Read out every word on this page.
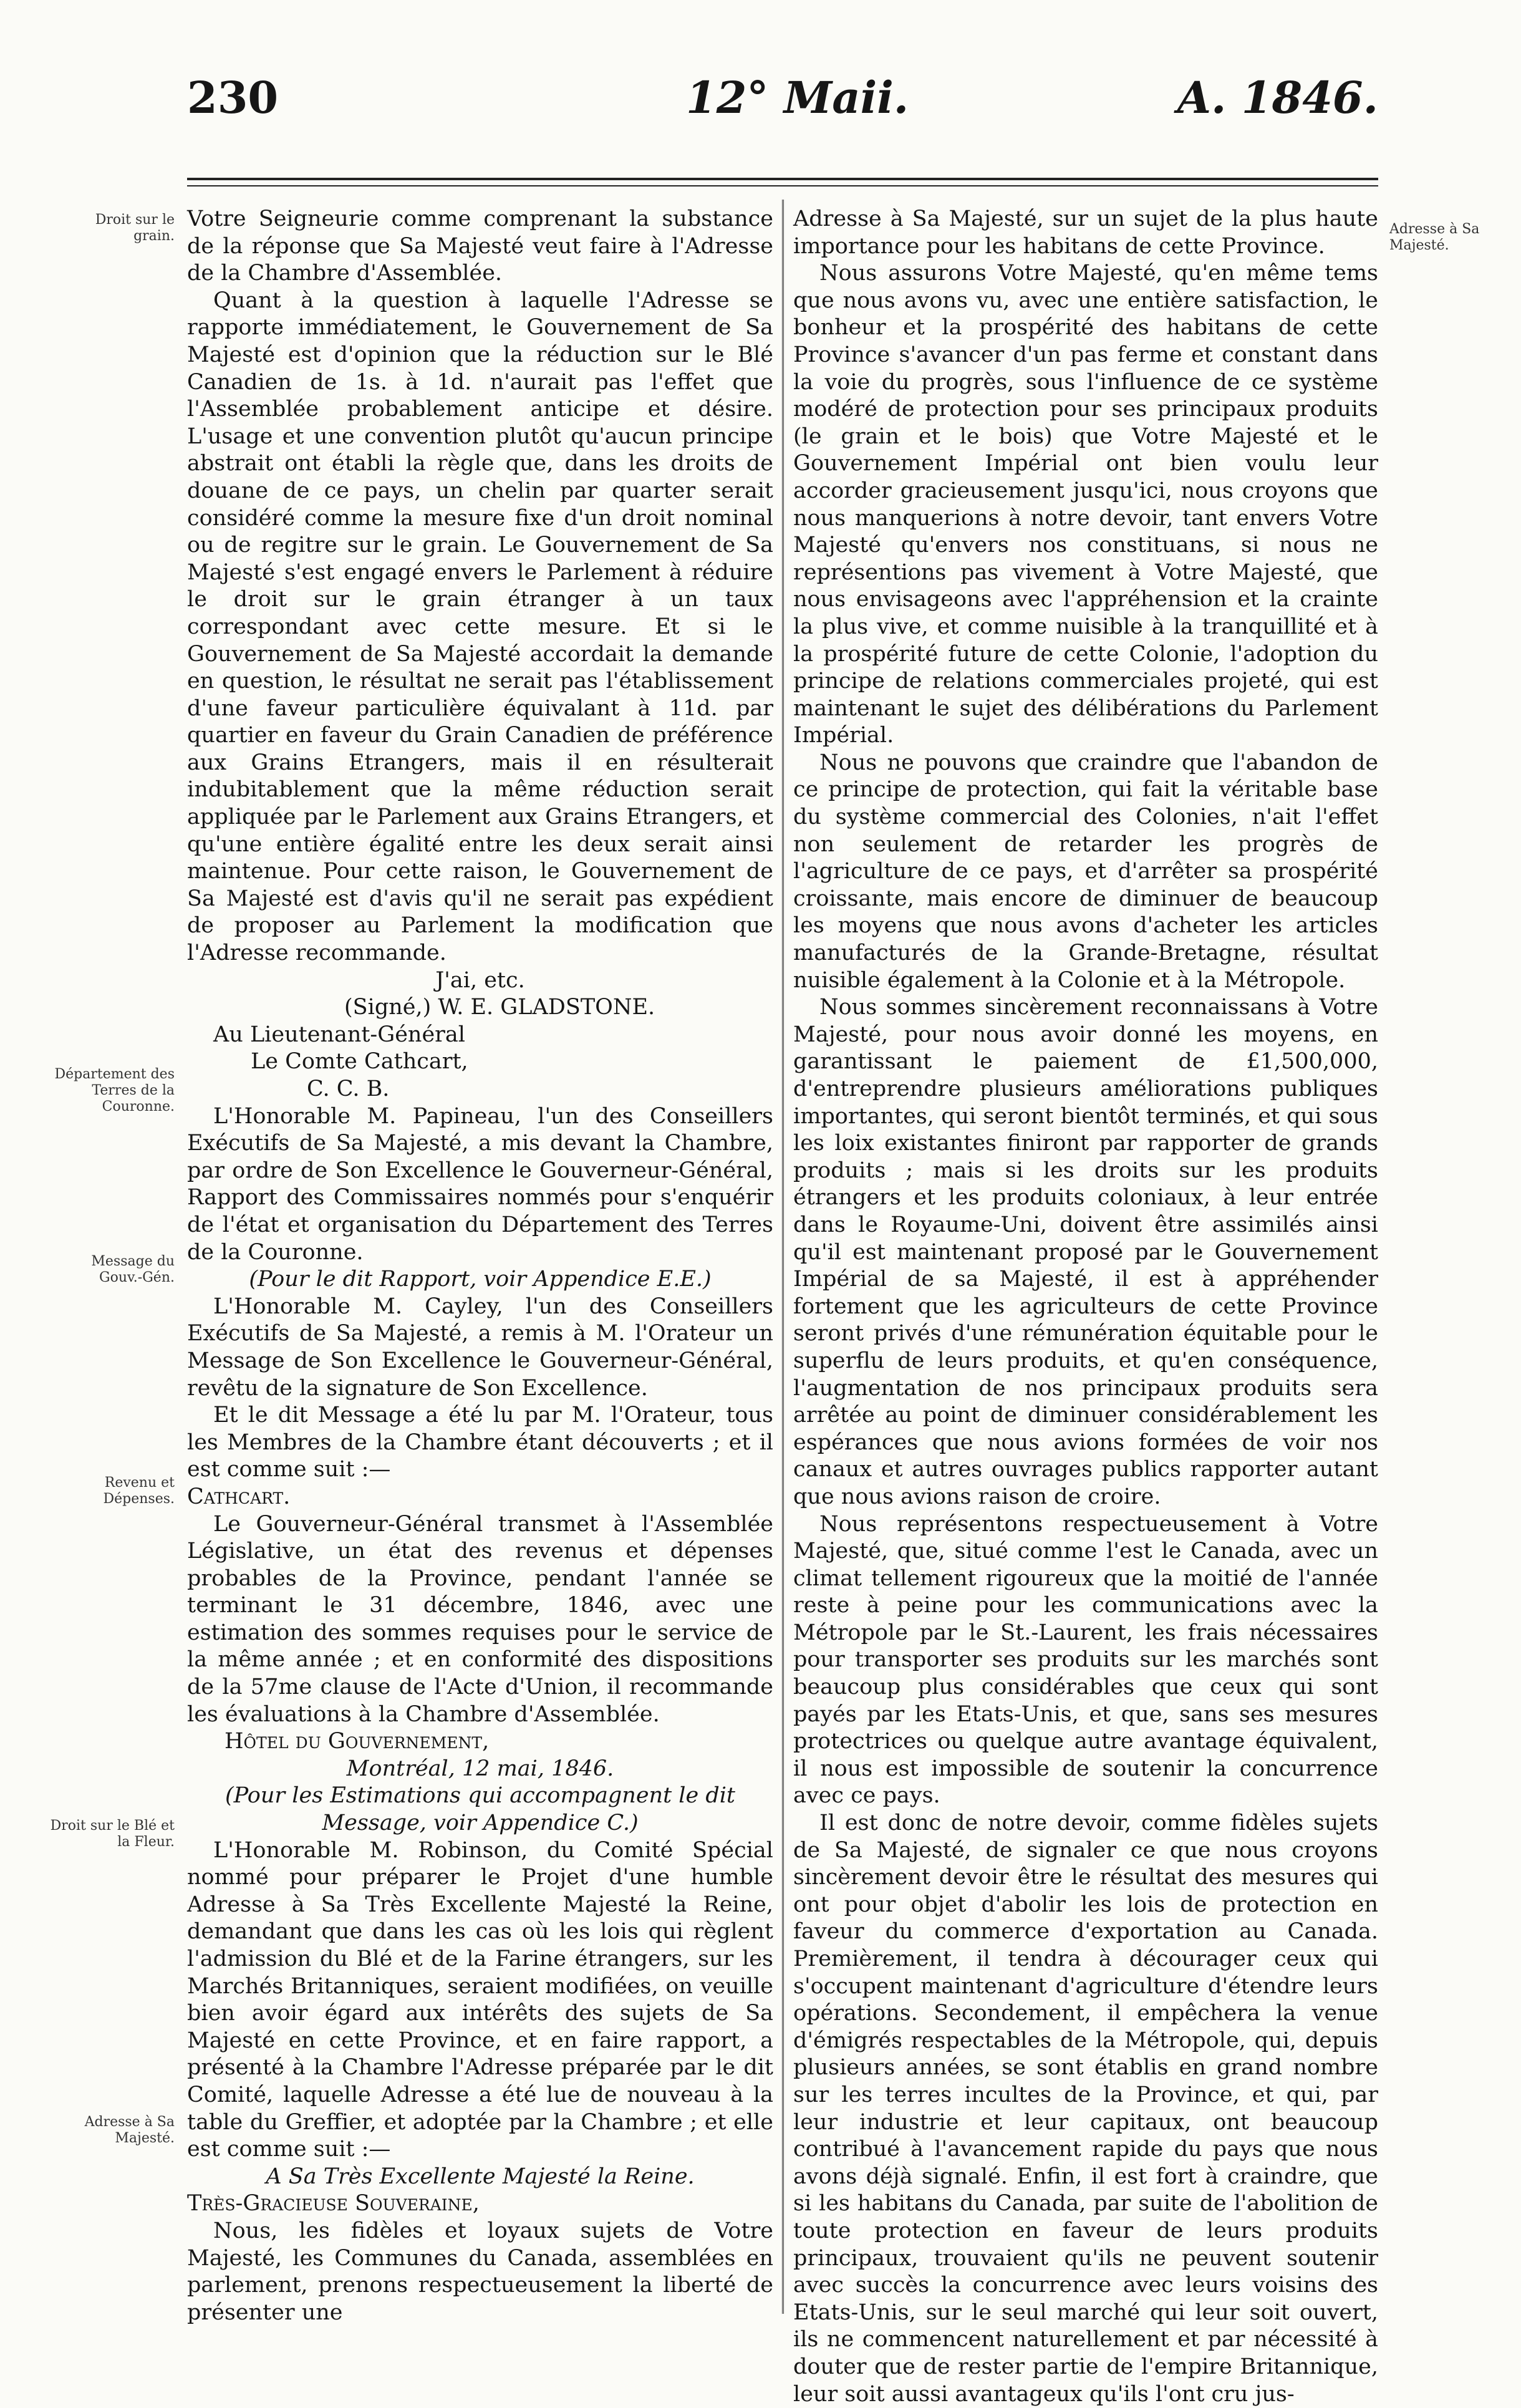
230	12° Maii.	A. 1846.
Droit sur le grain.
Département des Terres de la Couronne.
Message du Gouv.-Gén.
Revenu et Dépenses.
Droit sur le Blé et la Fleur.
Adresse à Sa Majesté.
Adresse à Sa Majesté.

Votre Seigneurie comme comprenant la substance de la réponse que Sa Majesté veut faire à l'Adresse de la Chambre d'Assemblée.

Quant à la question à laquelle l'Adresse se rapporte immédiatement, le Gouvernement de Sa Majesté est d'opinion que la réduction sur le Blé Canadien de 1s. à 1d. n'aurait pas l'effet que l'Assemblée probablement anticipe et désire. L'usage et une convention plutôt qu'aucun principe abstrait ont établi la règle que, dans les droits de douane de ce pays, un chelin par quarter serait considéré comme la mesure fixe d'un droit nominal ou de regitre sur le grain. Le Gouvernement de Sa Majesté s'est engagé envers le Parlement à réduire le droit sur le grain étranger à un taux correspondant avec cette mesure. Et si le Gouvernement de Sa Majesté accordait la demande en question, le résultat ne serait pas l'établissement d'une faveur particulière équivalant à 11d. par quartier en faveur du Grain Canadien de préférence aux Grains Etrangers, mais il en résulterait indubitablement que la même réduction serait appliquée par le Parlement aux Grains Etrangers, et qu'une entière égalité entre les deux serait ainsi maintenue. Pour cette raison, le Gouvernement de Sa Majesté est d'avis qu'il ne serait pas expédient de proposer au Parlement la modification que l'Adresse recommande.

J'ai, etc.

(Signé,) W. E. GLADSTONE.

Au Lieutenant-Général

Le Comte Cathcart,

C. C. B.

L'Honorable M. Papineau, l'un des Conseillers Exécutifs de Sa Majesté, a mis devant la Chambre, par ordre de Son Excellence le Gouverneur-Général, Rapport des Commissaires nommés pour s'enquérir de l'état et organisation du Département des Terres de la Couronne.

(Pour le dit Rapport, voir Appendice E.E.)

L'Honorable M. Cayley, l'un des Conseillers Exécutifs de Sa Majesté, a remis à M. l'Orateur un Message de Son Excellence le Gouverneur-Général, revêtu de la signature de Son Excellence.

Et le dit Message a été lu par M. l'Orateur, tous les Membres de la Chambre étant découverts ; et il est comme suit :—

Cathcart.

Le Gouverneur-Général transmet à l'Assemblée Législative, un état des revenus et dépenses probables de la Province, pendant l'année se terminant le 31 décembre, 1846, avec une estimation des sommes requises pour le service de la même année ; et en conformité des dispositions de la 57me clause de l'Acte d'Union, il recommande les évaluations à la Chambre d'Assemblée.

Hôtel du Gouvernement,

Montréal, 12 mai, 1846.

(Pour les Estimations qui accompagnent le dit Message, voir Appendice C.)

L'Honorable M. Robinson, du Comité Spécial nommé pour préparer le Projet d'une humble Adresse à Sa Très Excellente Majesté la Reine, demandant que dans les cas où les lois qui règlent l'admission du Blé et de la Farine étrangers, sur les Marchés Britanniques, seraient modifiées, on veuille bien avoir égard aux intérêts des sujets de Sa Majesté en cette Province, et en faire rapport, a présenté à la Chambre l'Adresse préparée par le dit Comité, laquelle Adresse a été lue de nouveau à la table du Greffier, et adoptée par la Chambre ; et elle est comme suit :—

A Sa Très Excellente Majesté la Reine.

Très-Gracieuse Souveraine,

Nous, les fidèles et loyaux sujets de Votre Majesté, les Communes du Canada, assemblées en parlement, prenons respectueusement la liberté de présenter une

Adresse à Sa Majesté, sur un sujet de la plus haute importance pour les habitans de cette Province.

Nous assurons Votre Majesté, qu'en même tems que nous avons vu, avec une entière satisfaction, le bonheur et la prospérité des habitans de cette Province s'avancer d'un pas ferme et constant dans la voie du progrès, sous l'influence de ce système modéré de protection pour ses principaux produits (le grain et le bois) que Votre Majesté et le Gouvernement Impérial ont bien voulu leur accorder gracieusement jusqu'ici, nous croyons que nous manquerions à notre devoir, tant envers Votre Majesté qu'envers nos constituans, si nous ne représentions pas vivement à Votre Majesté, que nous envisageons avec l'appréhension et la crainte la plus vive, et comme nuisible à la tranquillité et à la prospérité future de cette Colonie, l'adoption du principe de relations commerciales projeté, qui est maintenant le sujet des délibérations du Parlement Impérial.

Nous ne pouvons que craindre que l'abandon de ce principe de protection, qui fait la véritable base du système commercial des Colonies, n'ait l'effet non seulement de retarder les progrès de l'agriculture de ce pays, et d'arrêter sa prospérité croissante, mais encore de diminuer de beaucoup les moyens que nous avons d'acheter les articles manufacturés de la Grande-Bretagne, résultat nuisible également à la Colonie et à la Métropole.

Nous sommes sincèrement reconnaissans à Votre Majesté, pour nous avoir donné les moyens, en garantissant le paiement de £1,500,000, d'entreprendre plusieurs améliorations publiques importantes, qui seront bientôt terminés, et qui sous les loix existantes finiront par rapporter de grands produits ; mais si les droits sur les produits étrangers et les produits coloniaux, à leur entrée dans le Royaume-Uni, doivent être assimilés ainsi qu'il est maintenant proposé par le Gouvernement Impérial de sa Majesté, il est à appréhender fortement que les agriculteurs de cette Province seront privés d'une rémunération équitable pour le superflu de leurs produits, et qu'en conséquence, l'augmentation de nos principaux produits sera arrêtée au point de diminuer considérablement les espérances que nous avions formées de voir nos canaux et autres ouvrages publics rapporter autant que nous avions raison de croire.

Nous représentons respectueusement à Votre Majesté, que, situé comme l'est le Canada, avec un climat tellement rigoureux que la moitié de l'année reste à peine pour les communications avec la Métropole par le St.-Laurent, les frais nécessaires pour transporter ses produits sur les marchés sont beaucoup plus considérables que ceux qui sont payés par les Etats-Unis, et que, sans ses mesures protectrices ou quelque autre avantage équivalent, il nous est impossible de soutenir la concurrence avec ce pays.

Il est donc de notre devoir, comme fidèles sujets de Sa Majesté, de signaler ce que nous croyons sincèrement devoir être le résultat des mesures qui ont pour objet d'abolir les lois de protection en faveur du commerce d'exportation au Canada. Premièrement, il tendra à décourager ceux qui s'occupent maintenant d'agriculture d'étendre leurs opérations. Secondement, il empêchera la venue d'émigrés respectables de la Métropole, qui, depuis plusieurs années, se sont établis en grand nombre sur les terres incultes de la Province, et qui, par leur industrie et leur capitaux, ont beaucoup contribué à l'avancement rapide du pays que nous avons déjà signalé. Enfin, il est fort à craindre, que si les habitans du Canada, par suite de l'abolition de toute protection en faveur de leurs produits principaux, trouvaient qu'ils ne peuvent soutenir avec succès la concurrence avec leurs voisins des Etats-Unis, sur le seul marché qui leur soit ouvert, ils ne commencent naturellement et par nécessité à douter que de rester partie de l'empire Britannique, leur soit aussi avantageux qu'ils l'ont cru jus-
